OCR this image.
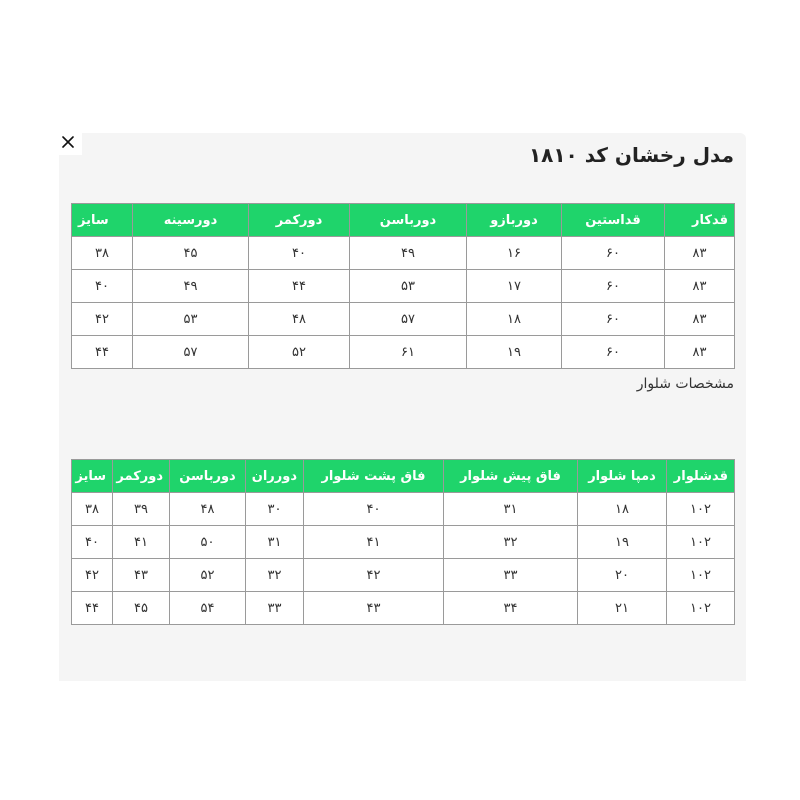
مدل رخشان کد ۱۸۱۰
قدکار	قداستین	دوربازو	دورباسن	دورکمر	دورسینه	سایز
۸۳	۶۰	۱۶	۴۹	۴۰	۴۵	۳۸
۸۳	۶۰	۱۷	۵۳	۴۴	۴۹	۴۰
۸۳	۶۰	۱۸	۵۷	۴۸	۵۳	۴۲
۸۳	۶۰	۱۹	۶۱	۵۲	۵۷	۴۴
مشخصات شلوار
قدشلوار	دمپا شلوار	فاق پیش شلوار	فاق پشت شلوار	دورران	دورباسن	دورکمر	سایز
۱۰۲	۱۸	۳۱	۴۰	۳۰	۴۸	۳۹	۳۸
۱۰۲	۱۹	۳۲	۴۱	۳۱	۵۰	۴۱	۴۰
۱۰۲	۲۰	۳۳	۴۲	۳۲	۵۲	۴۳	۴۲
۱۰۲	۲۱	۳۴	۴۳	۳۳	۵۴	۴۵	۴۴
